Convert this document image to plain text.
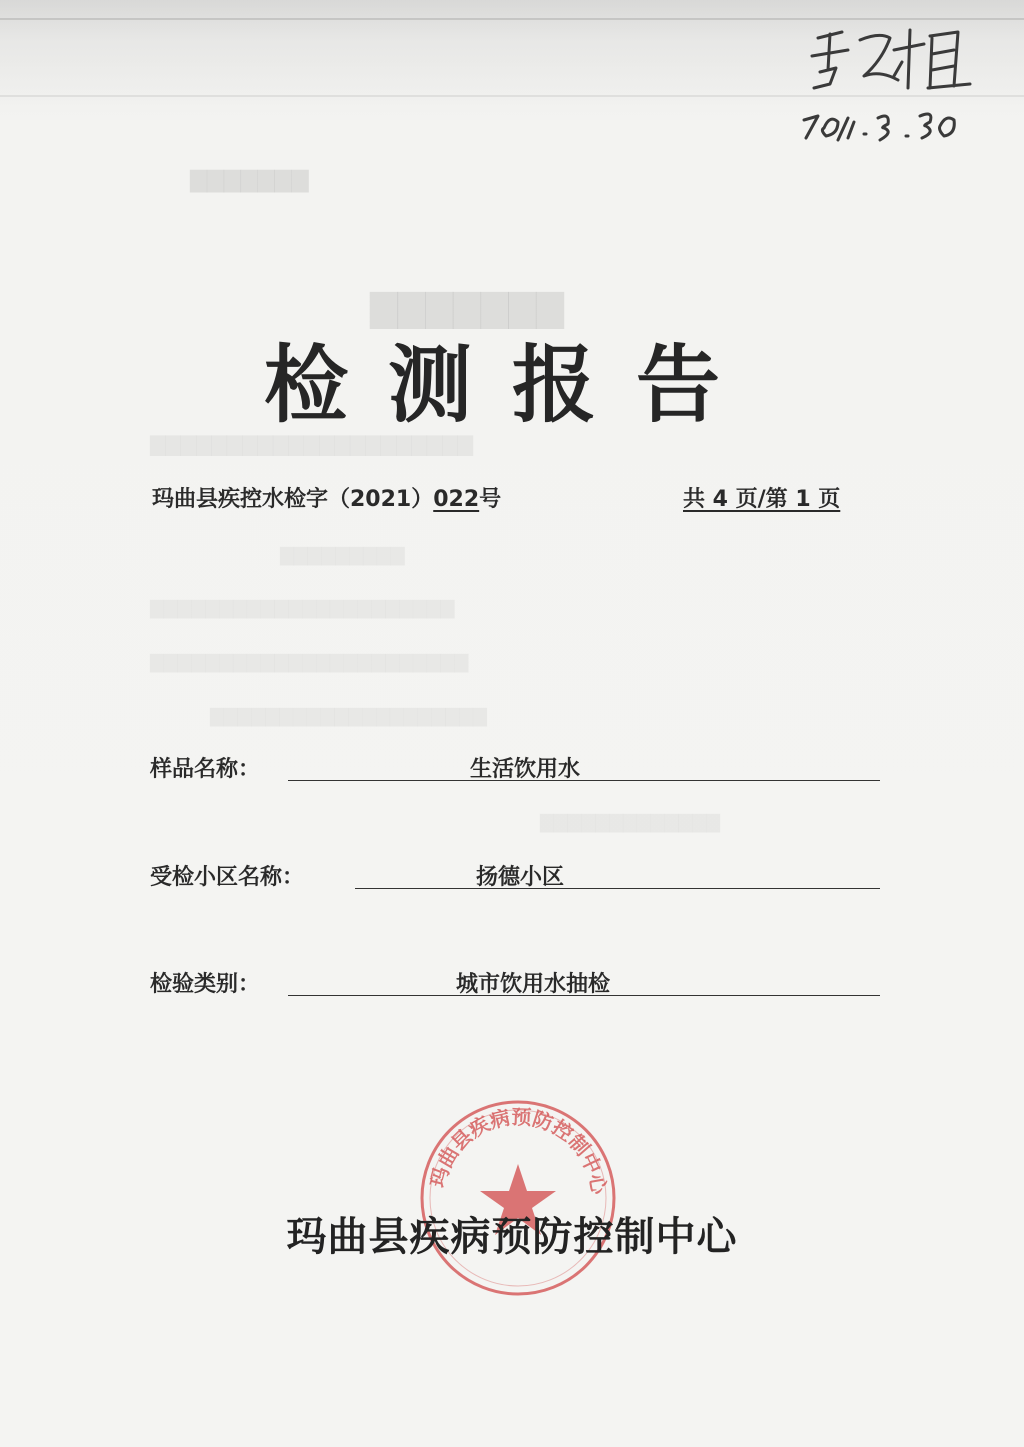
▇▇▇▇▇▇▇
▇▇▇▇▇▇▇
▇▇▇▇▇▇▇▇▇▇▇▇▇▇▇▇▇▇▇▇▇
▇▇▇▇▇▇▇▇▇
▇▇▇▇▇▇▇▇▇▇▇▇▇▇▇▇▇▇▇▇▇▇
▇▇▇▇▇▇▇▇▇▇▇▇▇▇▇▇▇▇▇▇▇▇▇
▇▇▇▇▇▇▇▇▇▇▇▇▇▇▇▇▇▇▇▇
▇▇▇▇▇▇▇▇▇▇▇▇▇
检测报告
玛曲县疾控水检字（2021）022号	共 4 页/第 1 页
样品名称：	生活饮用水
受检小区名称：	扬德小区
检验类别：	城市饮用水抽检
玛曲县疾病预防控制中心
玛曲县疾病预防控制中心
